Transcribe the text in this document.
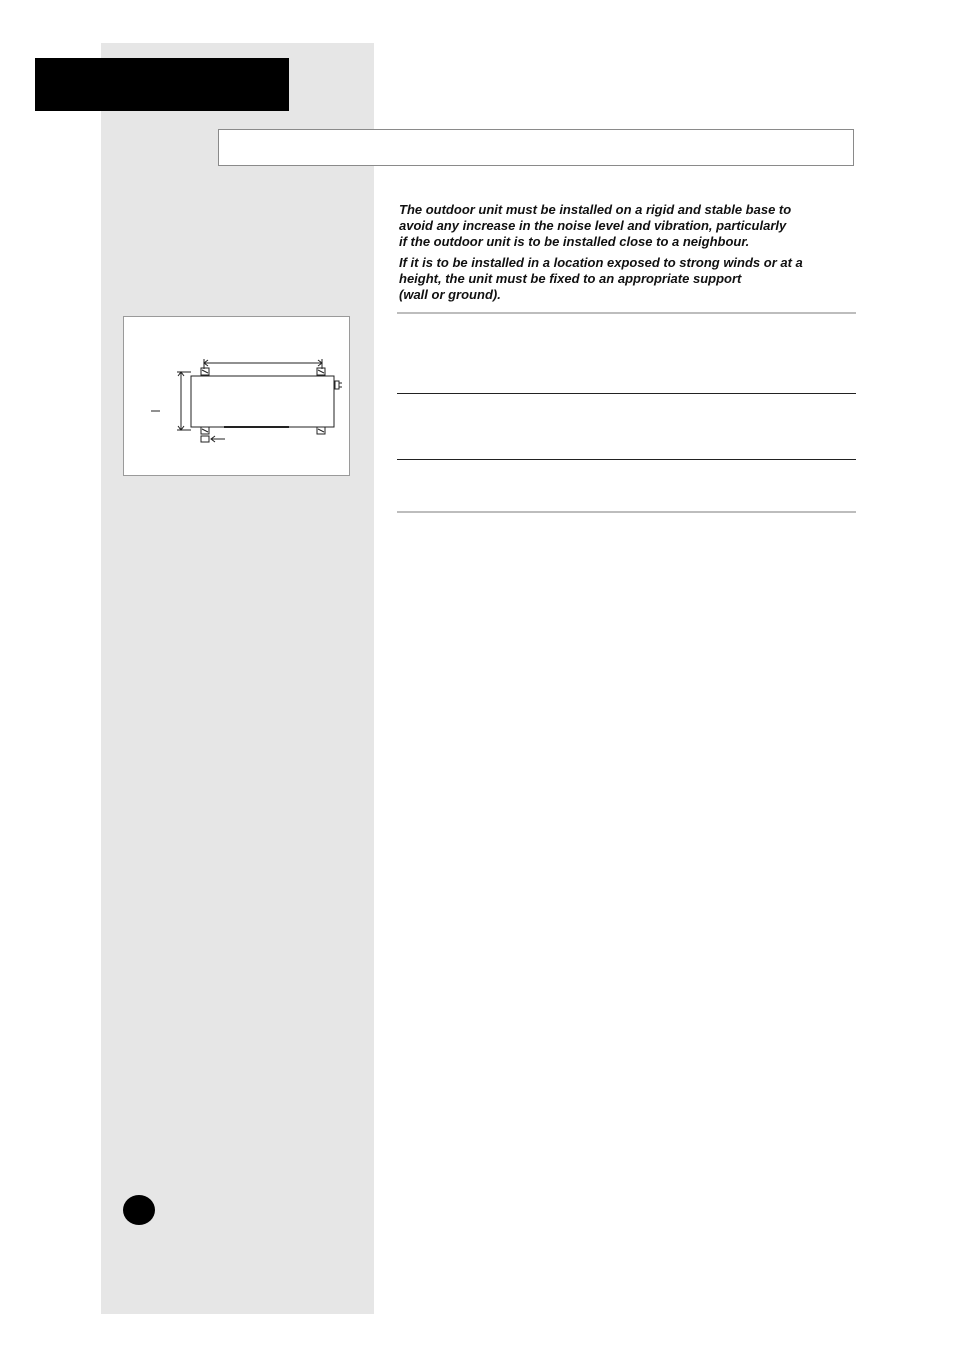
The outdoor unit must be installed on a rigid and stable base to
avoid any increase in the noise level and vibration, particularly
if the outdoor unit is to be installed close to a neighbour.

If it is to be installed in a location exposed to strong winds or at a
height, the unit must be fixed to an appropriate support
(wall or ground).
